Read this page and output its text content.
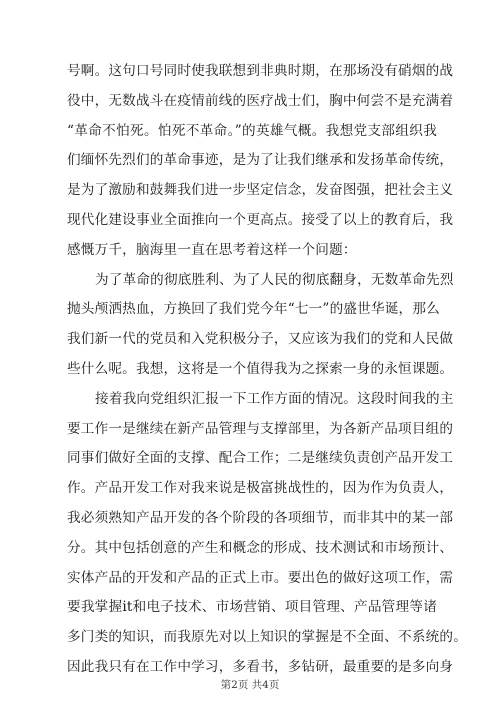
号啊。这句口号同时使我联想到非典时期，在那场没有硝烟的战
役中，无数战斗在疫情前线的医疗战士们，胸中何尝不是充满着
“革命不怕死。怕死不革命。”的英雄气概。我想党支部组织我
们缅怀先烈们的革命事迹，是为了让我们继承和发扬革命传统，
是为了激励和鼓舞我们进一步坚定信念，发奋图强，把社会主义
现代化建设事业全面推向一个更高点。接受了以上的教育后，我
感慨万千，脑海里一直在思考着这样一个问题：
为了革命的彻底胜利、为了人民的彻底翻身，无数革命先烈
抛头颅洒热血，方换回了我们党今年“七一”的盛世华诞，那么
我们新一代的党员和入党积极分子，又应该为我们的党和人民做
些什么呢。我想，这将是一个值得我为之探索一身的永恒课题。
接着我向党组织汇报一下工作方面的情况。这段时间我的主
要工作一是继续在新产品管理与支撑部里，为各新产品项目组的
同事们做好全面的支撑、配合工作；二是继续负责创产品开发工
作。产品开发工作对我来说是极富挑战性的，因为作为负责人，
我必须熟知产品开发的各个阶段的各项细节，而非其中的某一部
分。其中包括创意的产生和概念的形成、技术测试和市场预计、
实体产品的开发和产品的正式上市。要出色的做好这项工作，需
要我掌握it和电子技术、市场营销、项目管理、产品管理等诸
多门类的知识，而我原先对以上知识的掌握是不全面、不系统的。
因此我只有在工作中学习，多看书，多钻研，最重要的是多向身
第2页 共4页
